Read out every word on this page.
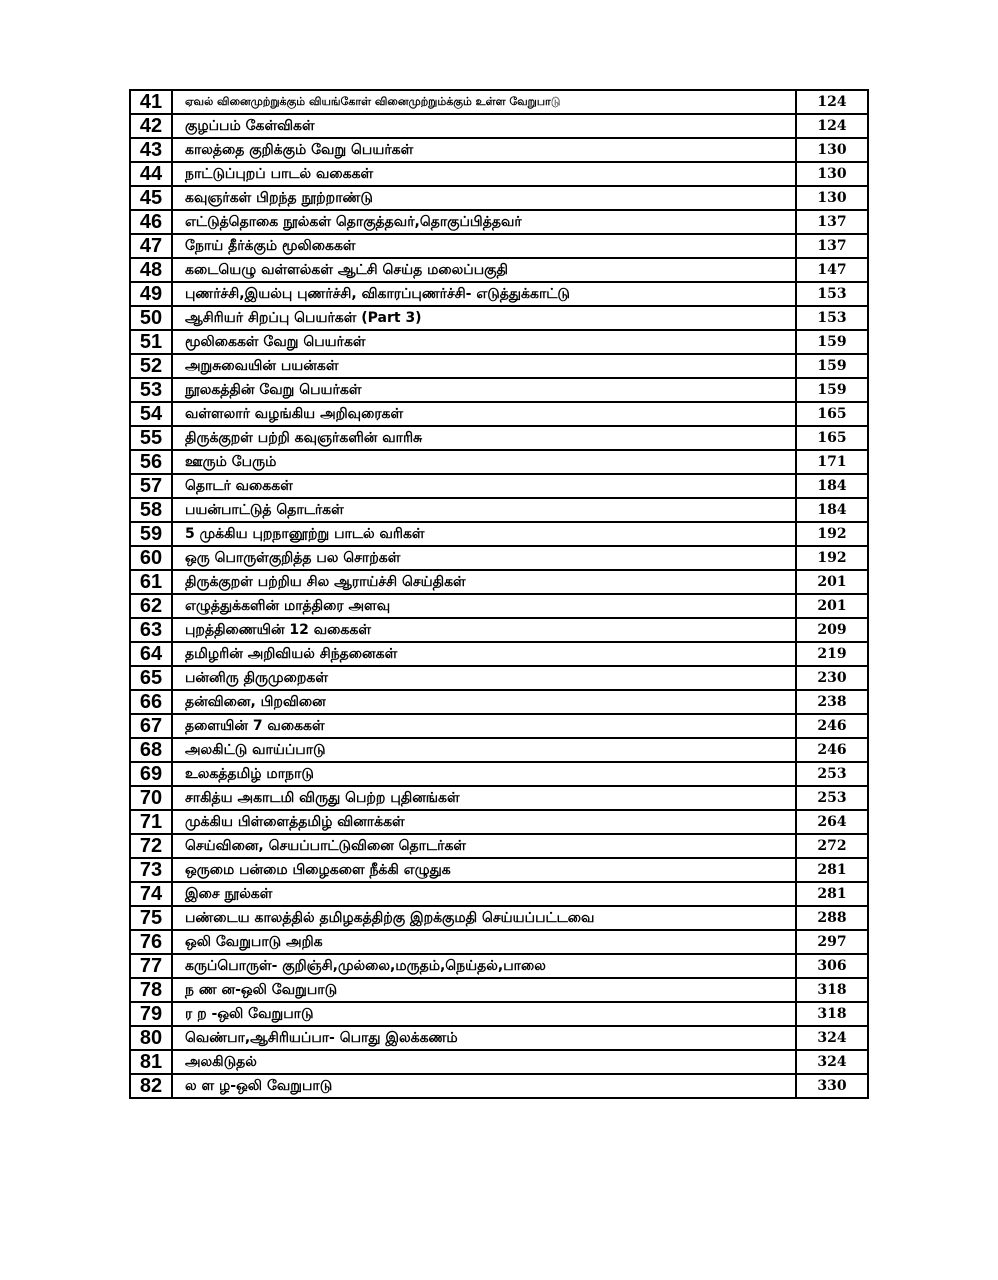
41	ஏவல் வினைமுற்றுக்கும் வியங்கோள் வினைமுற்றும்க்கும் உள்ள வேறுபாடு	124
42	குழப்பம் கேள்விகள்	124
43	காலத்தை குறிக்கும் வேறு பெயர்கள்	130
44	நாட்டுப்புறப் பாடல் வகைகள்	130
45	கவுஞர்கள் பிறந்த நூற்றாண்டு	130
46	எட்டுத்தொகை நூல்கள் தொகுத்தவர்,தொகுப்பித்தவர்	137
47	நோய் தீர்க்கும் மூலிகைகள்	137
48	கடையெழு வள்ளல்கள் ஆட்சி செய்த மலைப்பகுதி	147
49	புணர்ச்சி,இயல்பு புணர்ச்சி, விகாரப்புணர்ச்சி- எடுத்துக்காட்டு	153
50	ஆசிரியர் சிறப்பு பெயர்கள் (Part 3)	153
51	மூலிகைகள் வேறு பெயர்கள்	159
52	அறுசுவையின் பயன்கள்	159
53	நூலகத்தின் வேறு பெயர்கள்	159
54	வள்ளலார் வழங்கிய அறிவுரைகள்	165
55	திருக்குறள் பற்றி கவுஞர்களின் வாரிசு	165
56	ஊரும் பேரும்	171
57	தொடர் வகைகள்	184
58	பயன்பாட்டுத் தொடர்கள்	184
59	5 முக்கிய புறநானூற்று பாடல் வரிகள்	192
60	ஒரு பொருள்குறித்த பல சொற்கள்	192
61	திருக்குறள் பற்றிய சில ஆராய்ச்சி செய்திகள்	201
62	எழுத்துக்களின் மாத்திரை அளவு	201
63	புறத்திணையின் 12 வகைகள்	209
64	தமிழரின் அறிவியல் சிந்தனைகள்	219
65	பன்னிரு திருமுறைகள்	230
66	தன்வினை, பிறவினை	238
67	தளையின் 7 வகைகள்	246
68	அலகிட்டு வாய்ப்பாடு	246
69	உலகத்தமிழ் மாநாடு	253
70	சாகித்ய அகாடமி விருது பெற்ற புதினங்கள்	253
71	முக்கிய பிள்ளைத்தமிழ் வினாக்கள்	264
72	செய்வினை, செயப்பாட்டுவினை தொடர்கள்	272
73	ஒருமை பன்மை பிழைகளை நீக்கி எழுதுக	281
74	இசை நூல்கள்	281
75	பண்டைய காலத்தில் தமிழகத்திற்கு இறக்குமதி செய்யப்பட்டவை	288
76	ஒலி வேறுபாடு அறிக	297
77	கருப்பொருள்- குறிஞ்சி,முல்லை,மருதம்,நெய்தல்,பாலை	306
78	ந ண ன-ஒலி வேறுபாடு	318
79	ர ற -ஒலி வேறுபாடு	318
80	வெண்பா,ஆசிரியப்பா- பொது இலக்கணம்	324
81	அலகிடுதல்	324
82	ல ள ழ-ஒலி வேறுபாடு	330
